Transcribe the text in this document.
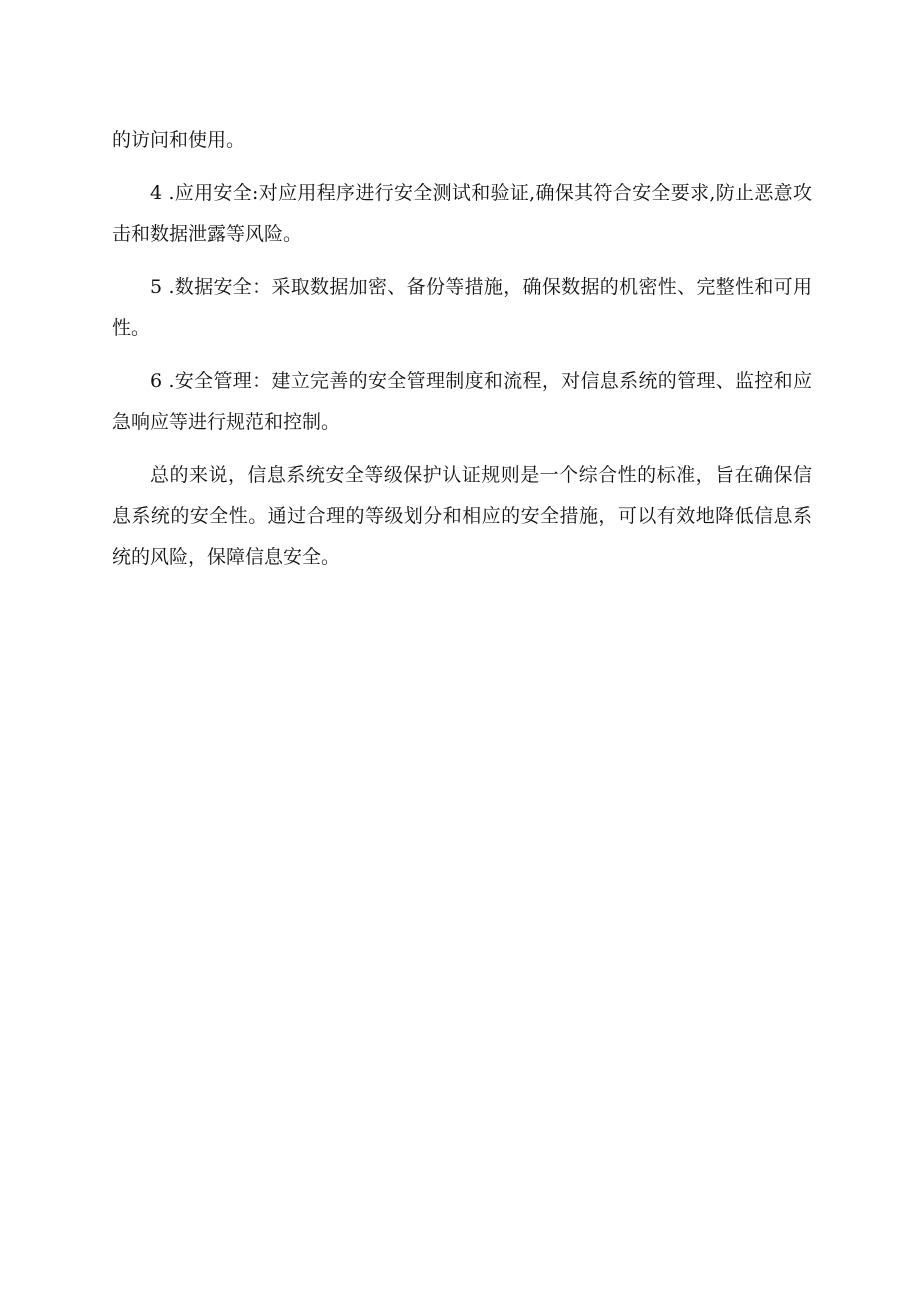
的访问和使用。

4 .应用安全:对应用程序进行安全测试和验证,确保其符合安全要求,防止恶意攻击和数据泄露等风险。

5 .数据安全：采取数据加密、备份等措施，确保数据的机密性、完整性和可用性。

6 .安全管理：建立完善的安全管理制度和流程，对信息系统的管理、监控和应急响应等进行规范和控制。

总的来说，信息系统安全等级保护认证规则是一个综合性的标准，旨在确保信息系统的安全性。通过合理的等级划分和相应的安全措施，可以有效地降低信息系统的风险，保障信息安全。
